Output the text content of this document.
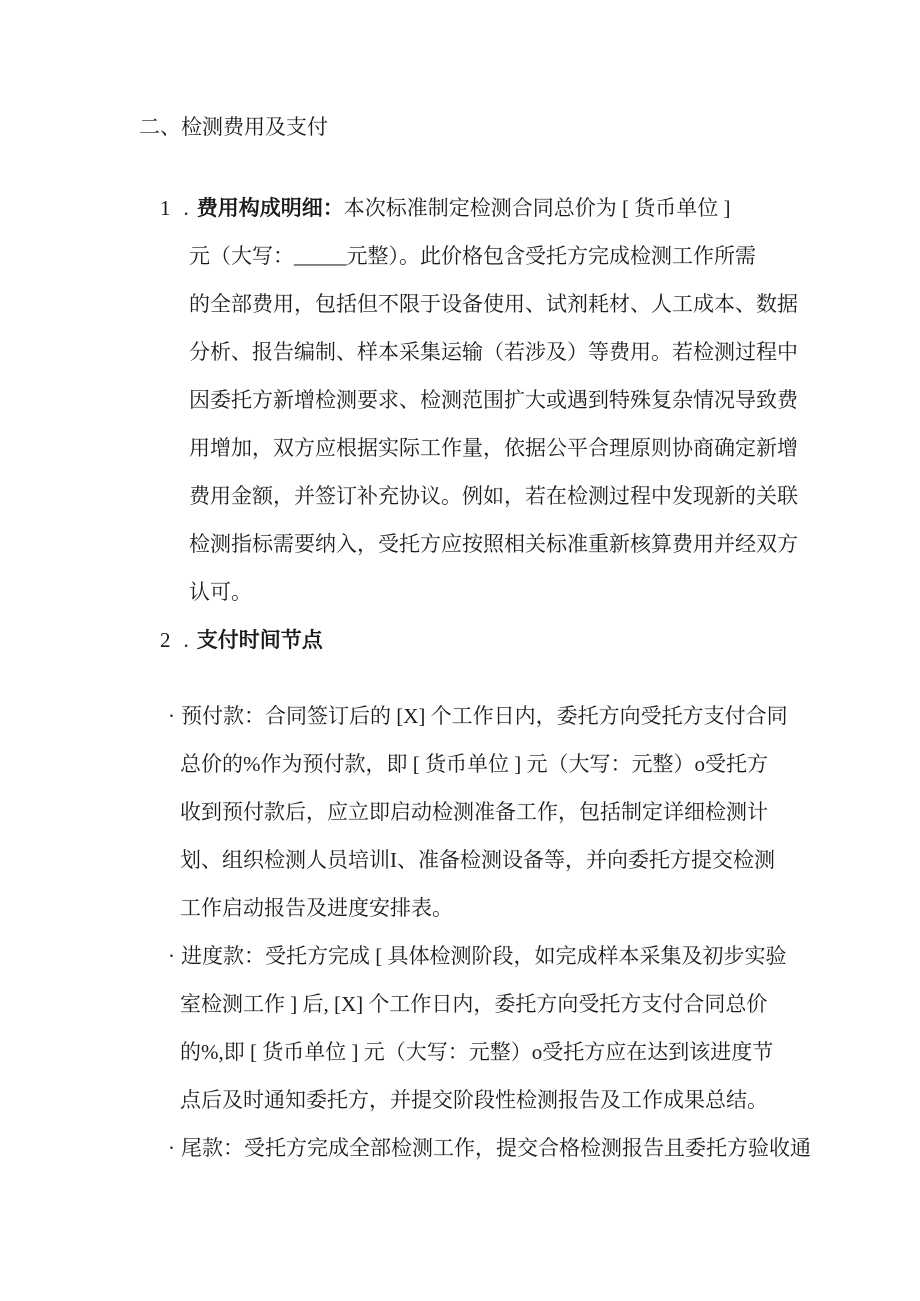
二、检测费用及支付
1 . 费用构成明细：本次标准制定检测合同总价为 [ 货币单位 ]
元（大写：_____元整）。此价格包含受托方完成检测工作所需
的全部费用，包括但不限于设备使用、试剂耗材、人工成本、数据
分析、报告编制、样本采集运输（若涉及）等费用。若检测过程中
因委托方新增检测要求、检测范围扩大或遇到特殊复杂情况导致费
用增加，双方应根据实际工作量，依据公平合理原则协商确定新增
费用金额，并签订补充协议。例如，若在检测过程中发现新的关联
检测指标需要纳入，受托方应按照相关标准重新核算费用并经双方
认可。
2 . 支付时间节点
· 预付款：合同签订后的 [X] 个工作日内，委托方向受托方支付合同
总价的%作为预付款，即 [ 货币单位 ] 元（大写：元整）o受托方
收到预付款后，应立即启动检测准备工作，包括制定详细检测计
划、组织检测人员培训I、准备检测设备等，并向委托方提交检测
工作启动报告及进度安排表。
· 进度款：受托方完成 [ 具体检测阶段，如完成样本采集及初步实验
室检测工作 ] 后, [X] 个工作日内，委托方向受托方支付合同总价
的%,即 [ 货币单位 ] 元（大写：元整）o受托方应在达到该进度节
点后及时通知委托方，并提交阶段性检测报告及工作成果总结。
· 尾款：受托方完成全部检测工作，提交合格检测报告且委托方验收通
